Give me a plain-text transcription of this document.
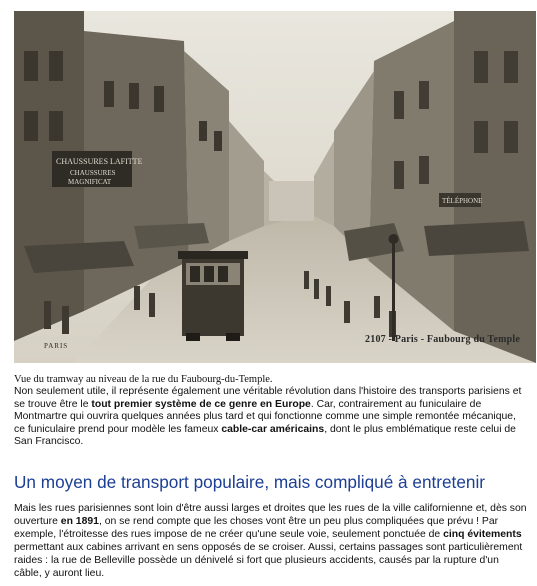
CHAUSSURES LAFITTE
CHAUSSURES
MAGNIFICAT
TÉLÉPHONE
2107 - Paris - Faubourg du Temple
PARIS
Vue du tramway au niveau de la rue du Faubourg-du-Temple.

Non seulement utile, il représente également une véritable révolution dans l'histoire des transports parisiens et se trouve être le tout premier système de ce genre en Europe. Car, contrairement au funiculaire de Montmartre qui ouvrira quelques années plus tard et qui fonctionne comme une simple remontée mécanique, ce funiculaire prend pour modèle les fameux cable-car américains, dont le plus emblématique reste celui de San Francisco.

Un moyen de transport populaire, mais compliqué à entretenir

Mais les rues parisiennes sont loin d'être aussi larges et droites que les rues de la ville californienne et, dès son ouverture en 1891, on se rend compte que les choses vont être un peu plus compliquées que prévu ! Par exemple, l'étroitesse des rues impose de ne créer qu'une seule voie, seulement ponctuée de cinq évitements permettant aux cabines arrivant en sens opposés de se croiser. Aussi, certains passages sont particulièrement raides : la rue de Belleville possède un dénivelé si fort que plusieurs accidents, causés par la rupture d'un câble, y auront lieu.
